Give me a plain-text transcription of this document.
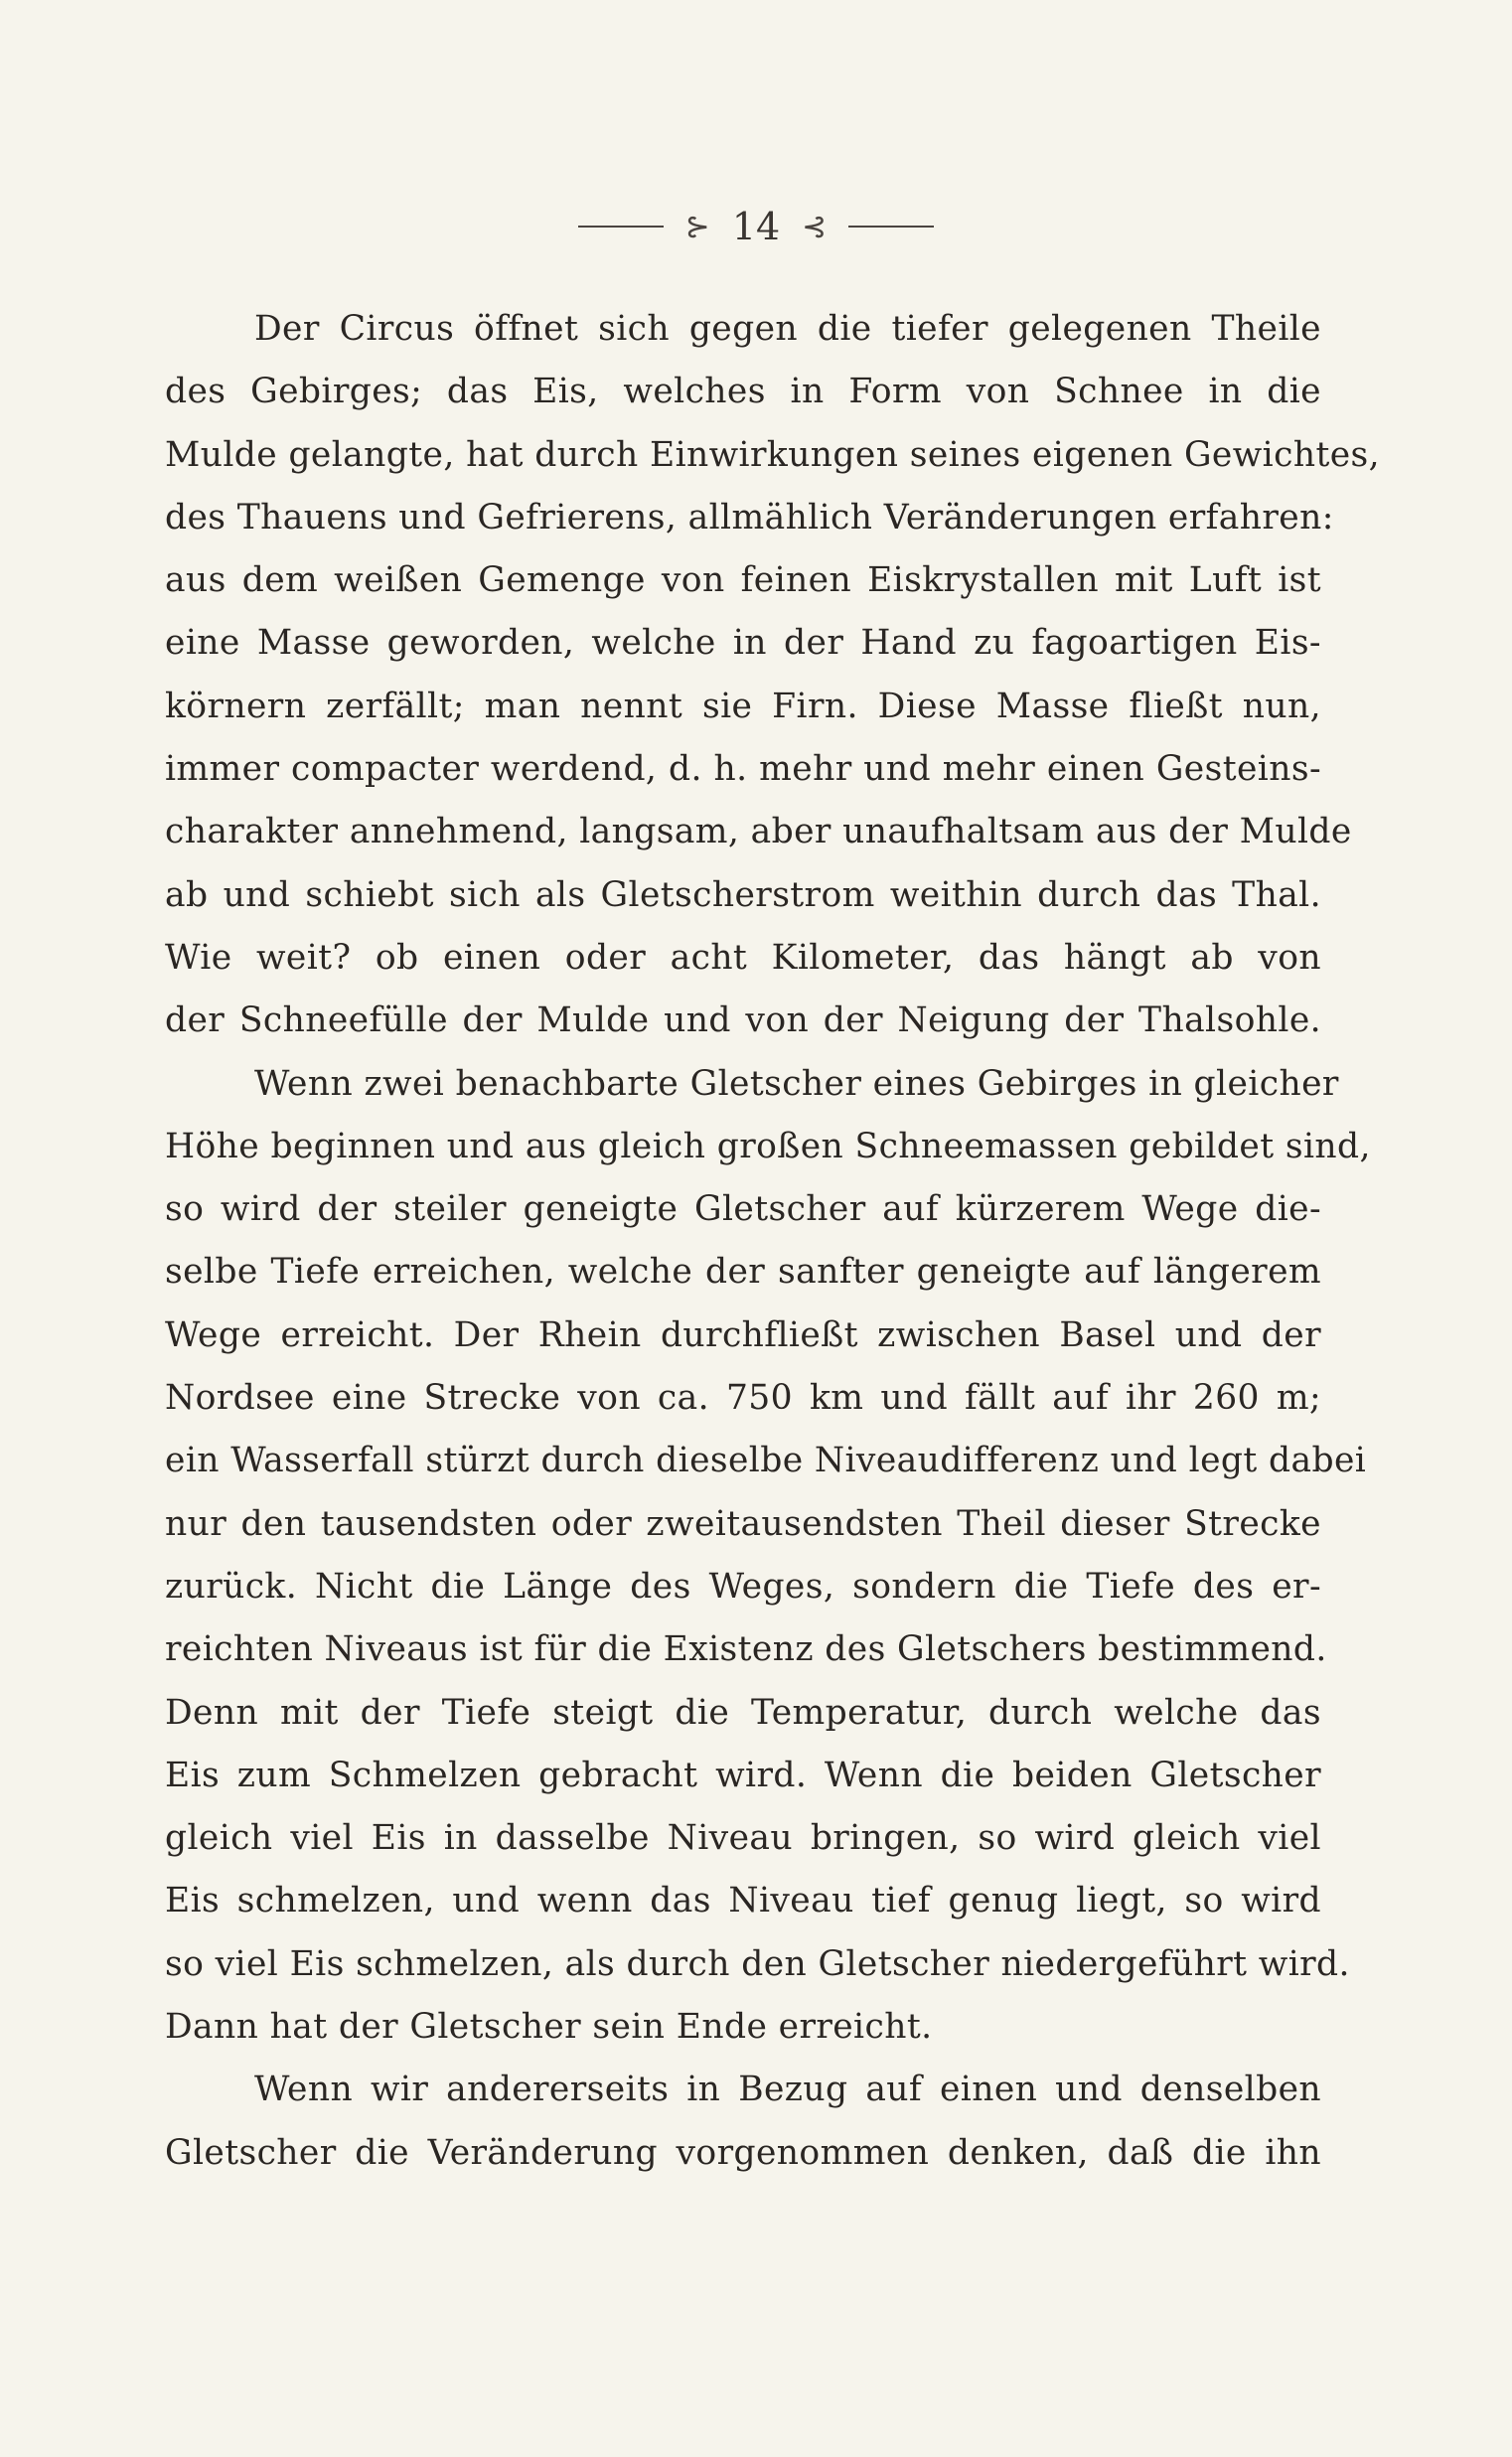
⊱ 14 ⊰
Der Circus öffnet sich gegen die tiefer gelegenen Theile
des Gebirges; das Eis, welches in Form von Schnee in die
Mulde gelangte, hat durch Einwirkungen seines eigenen Gewichtes,
des Thauens und Gefrierens, allmählich Veränderungen erfahren:
aus dem weißen Gemenge von feinen Eiskrystallen mit Luft ist
eine Masse geworden, welche in der Hand zu fagoartigen Eis-
körnern zerfällt; man nennt sie Firn. Diese Masse fließt nun,
immer compacter werdend, d. h. mehr und mehr einen Gesteins-
charakter annehmend, langsam, aber unaufhaltsam aus der Mulde
ab und schiebt sich als Gletscherstrom weithin durch das Thal.
Wie weit? ob einen oder acht Kilometer, das hängt ab von
der Schneefülle der Mulde und von der Neigung der Thalsohle.
Wenn zwei benachbarte Gletscher eines Gebirges in gleicher
Höhe beginnen und aus gleich großen Schneemassen gebildet sind,
so wird der steiler geneigte Gletscher auf kürzerem Wege die-
selbe Tiefe erreichen, welche der sanfter geneigte auf längerem
Wege erreicht. Der Rhein durchfließt zwischen Basel und der
Nordsee eine Strecke von ca. 750 km und fällt auf ihr 260 m;
ein Wasserfall stürzt durch dieselbe Niveaudifferenz und legt dabei
nur den tausendsten oder zweitausendsten Theil dieser Strecke
zurück. Nicht die Länge des Weges, sondern die Tiefe des er-
reichten Niveaus ist für die Existenz des Gletschers bestimmend.
Denn mit der Tiefe steigt die Temperatur, durch welche das
Eis zum Schmelzen gebracht wird. Wenn die beiden Gletscher
gleich viel Eis in dasselbe Niveau bringen, so wird gleich viel
Eis schmelzen, und wenn das Niveau tief genug liegt, so wird
so viel Eis schmelzen, als durch den Gletscher niedergeführt wird.
Dann hat der Gletscher sein Ende erreicht.
Wenn wir andererseits in Bezug auf einen und denselben
Gletscher die Veränderung vorgenommen denken, daß die ihn
